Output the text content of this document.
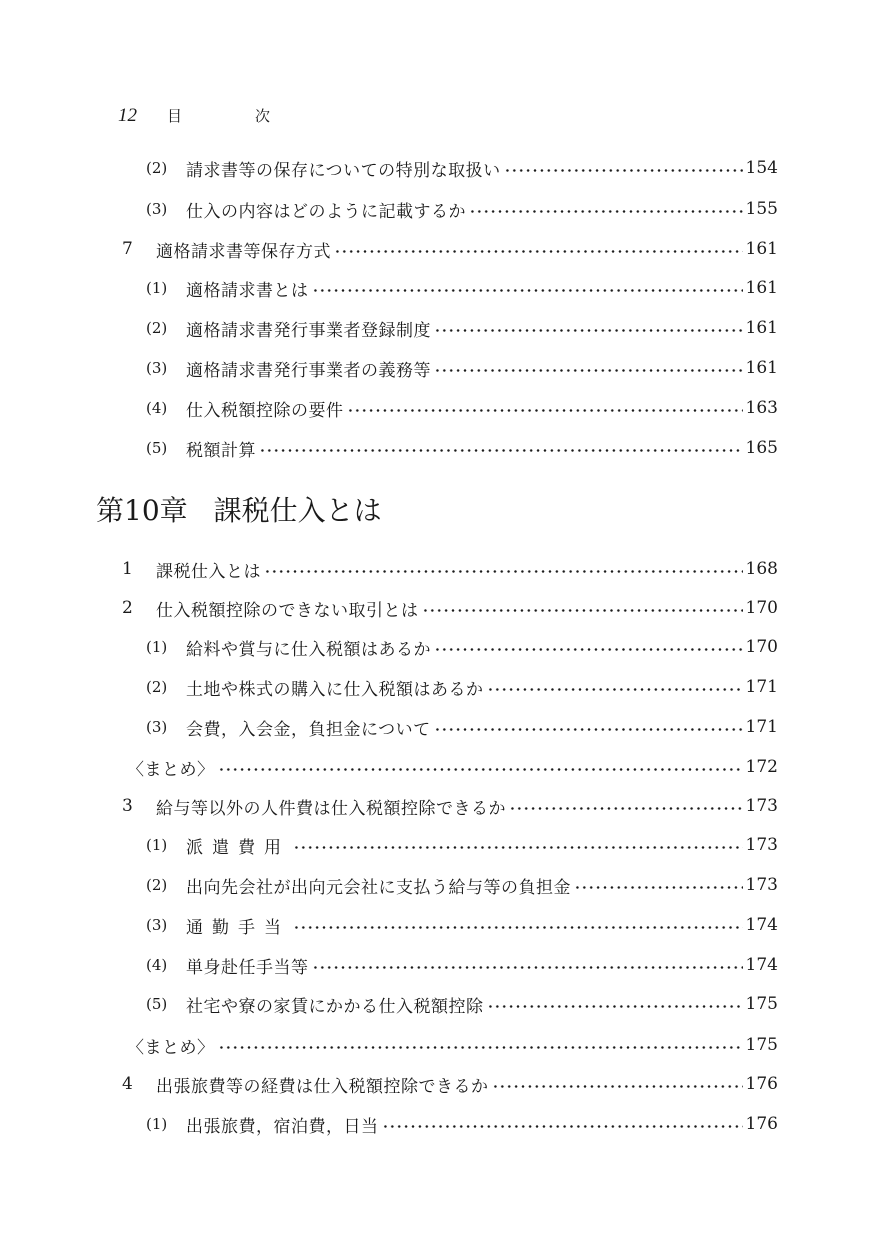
12	目	次
(2)	請求書等の保存についての特別な取扱い	154
(3)	仕入の内容はどのように記載するか	155
7	適格請求書等保存方式	161
(1)	適格請求書とは	161
(2)	適格請求書発行事業者登録制度	161
(3)	適格請求書発行事業者の義務等	161
(4)	仕入税額控除の要件	163
(5)	税額計算	165
第10章 課税仕入とは
1	課税仕入とは	168
2	仕入税額控除のできない取引とは	170
(1)	給料や賞与に仕入税額はあるか	170
(2)	土地や株式の購入に仕入税額はあるか	171
(3)	会費，入会金，負担金について	171
〈まとめ〉	172
3	給与等以外の人件費は仕入税額控除できるか	173
(1)	派遣費用	173
(2)	出向先会社が出向元会社に支払う給与等の負担金	173
(3)	通勤手当	174
(4)	単身赴任手当等	174
(5)	社宅や寮の家賃にかかる仕入税額控除	175
〈まとめ〉	175
4	出張旅費等の経費は仕入税額控除できるか	176
(1)	出張旅費，宿泊費，日当	176
